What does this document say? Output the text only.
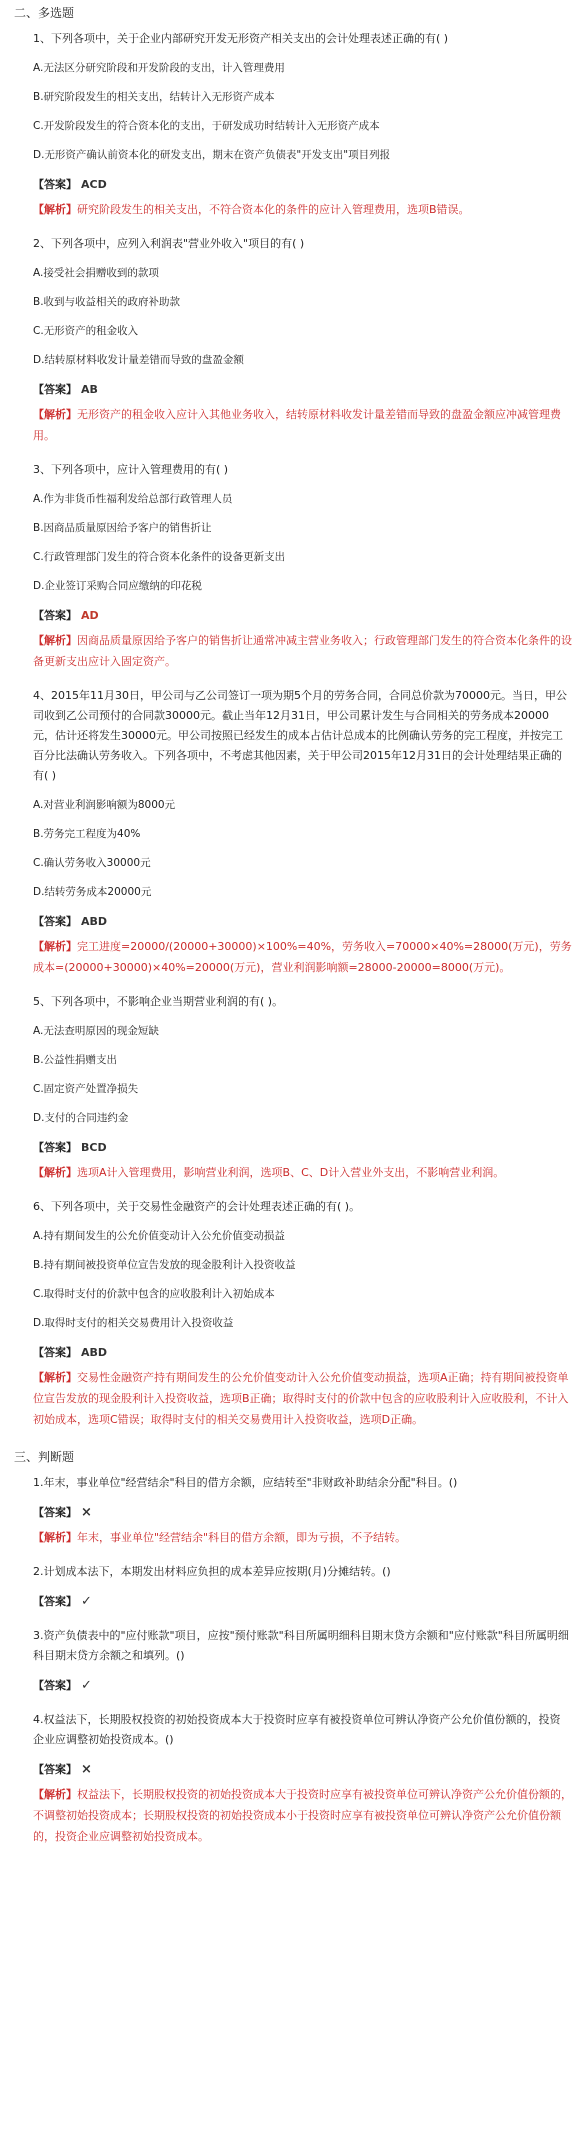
二、多选题
1、下列各项中，关于企业内部研究开发无形资产相关支出的会计处理表述正确的有( )
A.无法区分研究阶段和开发阶段的支出，计入管理费用
B.研究阶段发生的相关支出，结转计入无形资产成本
C.开发阶段发生的符合资本化的支出，于研发成功时结转计入无形资产成本
D.无形资产确认前资本化的研发支出，期末在资产负债表"开发支出"项目列报
【答案】 ACD
【解析】研究阶段发生的相关支出，不符合资本化的条件的应计入管理费用，选项B错误。
2、下列各项中，应列入利润表"营业外收入"项目的有( )
A.接受社会捐赠收到的款项
B.收到与收益相关的政府补助款
C.无形资产的租金收入
D.结转原材料收发计量差错而导致的盘盈金额
【答案】 AB
【解析】无形资产的租金收入应计入其他业务收入，结转原材料收发计量差错而导致的盘盈金额应冲减管理费用。
3、下列各项中，应计入管理费用的有( )
A.作为非货币性福利发给总部行政管理人员
B.因商品质量原因给予客户的销售折让
C.行政管理部门发生的符合资本化条件的设备更新支出
D.企业签订采购合同应缴纳的印花税
【答案】 AD
【解析】因商品质量原因给予客户的销售折让通常冲减主营业务收入；行政管理部门发生的符合资本化条件的设备更新支出应计入固定资产。
4、2015年11月30日，甲公司与乙公司签订一项为期5个月的劳务合同，合同总价款为70000元。当日，甲公司收到乙公司预付的合同款30000元。截止当年12月31日，甲公司累计发生与合同相关的劳务成本20000元，估计还将发生30000元。甲公司按照已经发生的成本占估计总成本的比例确认劳务的完工程度，并按完工百分比法确认劳务收入。下列各项中，不考虑其他因素，关于甲公司2015年12月31日的会计处理结果正确的有( )
A.对营业利润影响额为8000元
B.劳务完工程度为40%
C.确认劳务收入30000元
D.结转劳务成本20000元
【答案】 ABD
【解析】完工进度=20000/(20000+30000)×100%=40%，劳务收入=70000×40%=28000(万元)，劳务成本=(20000+30000)×40%=20000(万元)，营业利润影响额=28000-20000=8000(万元)。
5、下列各项中，不影响企业当期营业利润的有( )。
A.无法查明原因的现金短缺
B.公益性捐赠支出
C.固定资产处置净损失
D.支付的合同违约金
【答案】 BCD
【解析】选项A计入管理费用，影响营业利润，选项B、C、D计入营业外支出，不影响营业利润。
6、下列各项中，关于交易性金融资产的会计处理表述正确的有( )。
A.持有期间发生的公允价值变动计入公允价值变动损益
B.持有期间被投资单位宣告发放的现金股利计入投资收益
C.取得时支付的价款中包含的应收股利计入初始成本
D.取得时支付的相关交易费用计入投资收益
【答案】 ABD
【解析】交易性金融资产持有期间发生的公允价值变动计入公允价值变动损益，选项A正确；持有期间被投资单位宣告发放的现金股利计入投资收益，选项B正确；取得时支付的价款中包含的应收股利计入应收股利，不计入初始成本，选项C错误；取得时支付的相关交易费用计入投资收益，选项D正确。
三、判断题
1.年末，事业单位"经营结余"科目的借方余额，应结转至"非财政补助结余分配"科目。()
【答案】 ×
【解析】年末，事业单位"经营结余"科目的借方余额，即为亏损，不予结转。
2.计划成本法下，本期发出材料应负担的成本差异应按期(月)分摊结转。()
【答案】 ✓
3.资产负债表中的"应付账款"项目，应按"预付账款"科目所属明细科目期末贷方余额和"应付账款"科目所属明细科目期末贷方余额之和填列。()
【答案】 ✓
4.权益法下，长期股权投资的初始投资成本大于投资时应享有被投资单位可辨认净资产公允价值份额的，投资企业应调整初始投资成本。()
【答案】 ×
【解析】权益法下，长期股权投资的初始投资成本大于投资时应享有被投资单位可辨认净资产公允价值份额的，不调整初始投资成本；长期股权投资的初始投资成本小于投资时应享有被投资单位可辨认净资产公允价值份额的，投资企业应调整初始投资成本。
